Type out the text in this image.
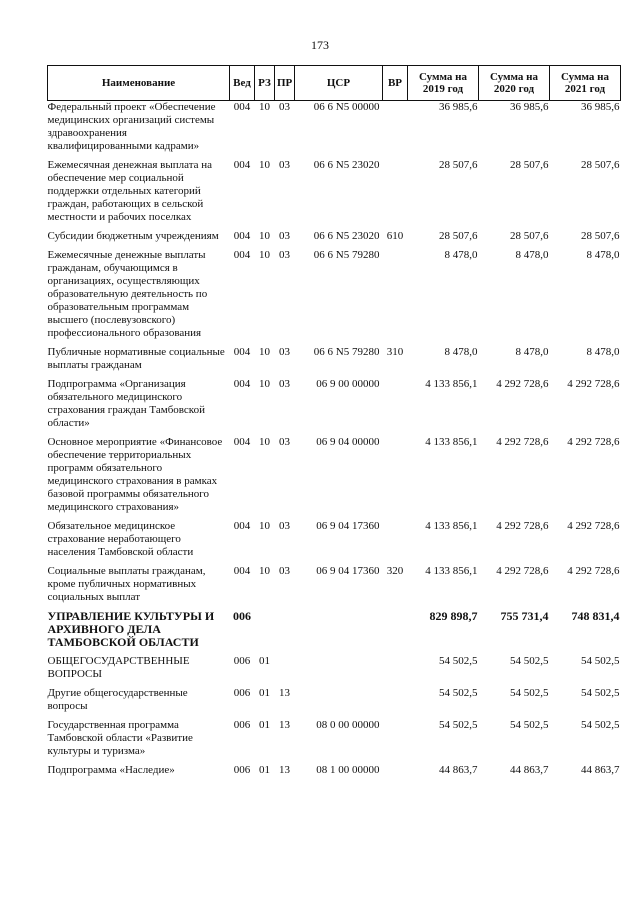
173
Наименование	Вед	РЗ	ПР	ЦСР	ВР	Сумма на 2019 год	Сумма на 2020 год	Сумма на 2021 год
Федеральный проект «Обеспечение медицинских организаций системы здравоохранения квалифицированными кадрами»	004	10	03	06 6 N5 00000		36 985,6	36 985,6	36 985,6
Ежемесячная денежная выплата на обеспечение мер социальной поддержки отдельных категорий граждан, работающих в сельской местности и рабочих поселках	004	10	03	06 6 N5 23020		28 507,6	28 507,6	28 507,6
Субсидии бюджетным учреждениям	004	10	03	06 6 N5 23020	610	28 507,6	28 507,6	28 507,6
Ежемесячные денежные выплаты гражданам, обучающимся в организациях, осуществляющих образовательную деятельность по образовательным программам высшего (послевузовского) профессионального образования	004	10	03	06 6 N5 79280		8 478,0	8 478,0	8 478,0
Публичные нормативные социальные выплаты гражданам	004	10	03	06 6 N5 79280	310	8 478,0	8 478,0	8 478,0
Подпрограмма «Организация обязательного медицинского страхования граждан Тамбовской области»	004	10	03	06 9 00 00000		4 133 856,1	4 292 728,6	4 292 728,6
Основное мероприятие «Финансовое обеспечение территориальных программ обязательного медицинского страхования в рамках базовой программы обязательного медицинского страхования»	004	10	03	06 9 04 00000		4 133 856,1	4 292 728,6	4 292 728,6
Обязательное медицинское страхование неработающего населения Тамбовской области	004	10	03	06 9 04 17360		4 133 856,1	4 292 728,6	4 292 728,6
Социальные выплаты гражданам, кроме публичных нормативных социальных выплат	004	10	03	06 9 04 17360	320	4 133 856,1	4 292 728,6	4 292 728,6
УПРАВЛЕНИЕ КУЛЬТУРЫ И АРХИВНОГО ДЕЛА ТАМБОВСКОЙ ОБЛАСТИ	006					829 898,7	755 731,4	748 831,4
ОБЩЕГОСУДАРСТВЕННЫЕ ВОПРОСЫ	006	01				54 502,5	54 502,5	54 502,5
Другие общегосударственные вопросы	006	01	13			54 502,5	54 502,5	54 502,5
Государственная программа Тамбовской области «Развитие культуры и туризма»	006	01	13	08 0 00 00000		54 502,5	54 502,5	54 502,5
Подпрограмма «Наследие»	006	01	13	08 1 00 00000		44 863,7	44 863,7	44 863,7
